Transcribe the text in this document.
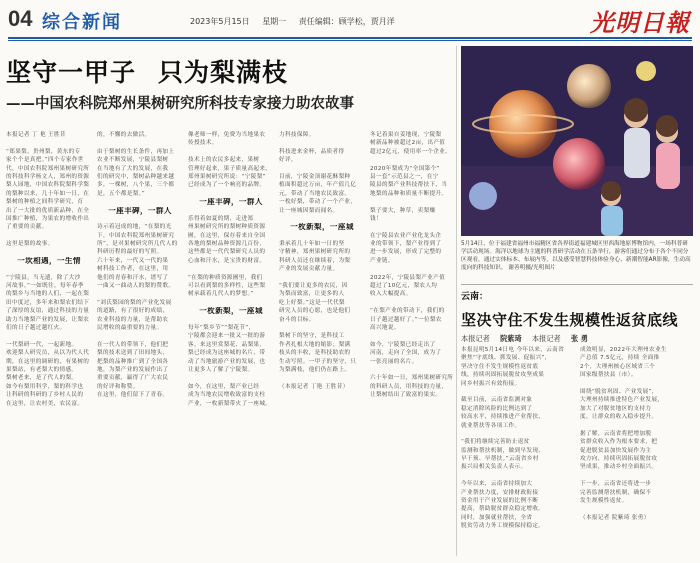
04 综合新闻	2023年5月15日 星期一 责任编辑：顾学松，贾月洋	光明日報
坚守一甲子 只为梨满枝
——中国农科院郑州果树研究所科技专家接力助农故事
本报记者 丁 艳 王胜昔

“郑果梨，贵州梨，黄东的专
家个个是真把。”四个专家作世
代，中国农科院郑州果树研究所
的科技科学杨文人，郑州的资源
梨人园地，中国农科院梨科学梨
的梨种以来，几十年如一日，在
梨树的种植之间科学研究，育
出了一大批的优质新品种，在全
国推广种植，为果农的增收作出
了重要的贡献。

这里是梨的故事。

一坎相遇，一生情

“宁陵县，当无遗，除了大沙
河故事。”一如既往，每年春季
的梨乡与当地的人们，一起在梨
田中度过，多年来和梨农们结下
了深厚的友谊，通过科技的力量
助力当地梨产业的发展，让梨农
们的日子越过越红火。

一代梨研一代，一起新地。
欢迎梨人研究员，从以为代人代
期，在这里的调研的，有果树的
果梨站，有老梨大的情感。
梨树老来，是了代人的梨。
如今有梨用科学，梨的科学也
让科研的科研的了乡村人民的
在这里，让农村美，农民富。
的，不懈的去做活。

由于梨树的生长条件，再加上
农业不断发展，宁陵县梨树
在当地有了大的发展，在我
们的研究中，梨树品种越来越
多，一棵树，八个果，三个都
是，五个都是梨。”

一座丰碑，一群人

诗示着冠成的地，“在梨的光
下，中国农科院郑州果树研究
所”，是对果树研究所几代人的
科研历程的最好的写照。
六十年来，一代又一代的果
树科技工作者，在这里，用
他们的青春和汗水，谱写了
一曲又一曲动人的梨的赞歌。

“刘氏梨园的梨的产业化发展
的道路，有了很好的成绩，
农业科技的力量，是帮助农
民增收的最重要的力量。

在一代人的带领下，他们把
梨的技术送到了田间地头，
把梨的品种推广到了全国各
地，为梨产业的发展作出了
重要贡献，赢得了广大农民
的好评和称赞。
在这里，他们留下了青春。
像老师一样，免费为当地果农
传授技术。

技术上的农民多起来，果树
管理好起来，果子质量高起来，
郑州果树研究所说：“宁陵梨”
已经成为了一个响亮的品牌。

一座丰碑，一群人

乐得着如夏的期，走进郑
州果树研究所的梨树种质资源
圃，在这里，保存着来自全国
各地的梨树品种资源几百份，
这些都是一代代梨研究人员的
心血和汗水，是宝贵的财富。

“在梨的种质资源圃里，我们
可以看到梨的多样性，这些梨
树承载着几代人的梦想。”

一枚新梨，一座城

每年“梨乡节”“梨花节”，
宁陵都会迎来一批又一批的游
客，来这里赏梨花、品梨果，
梨已经成为这座城的名片，带
动了当地旅游产业的发展，也
让更多人了解了宁陵梨。

如今，在这里，梨产业已经
成为当地农民增收致富的支柱
产业，一枚新梨带火了一座城。
力科技保障。

科技进来金杯，品质者得
好评。

目前，宁陵金顶谢花酥梨种
植面积超过万亩，年产值几亿
元，带动了当地农民致富。
一枚好梨，带动了一个产业，
让一座城因梨而闻名。

一枚新梨，一座城

秉承着几十年如一日的坚
守精神，郑州果树研究所的
科研人员还在继续着，为梨
产业的发展贡献力量。

“我们要让更多的农民，因
为梨而致富，让更多的人
吃上好梨。”这是一代代梨
研究人员的心愿，也是他们
奋斗的目标。

梨树下的坚守，是科技工
作者扎根大地的缩影；梨满
枝头的丰收，是科技助农的
生动写照。一甲子的坚守，只
为梨满枝，他们仍在路上。

（本报记者 丁艳 王胜昔）
冬记着果自姜地现，宁陵梨
树新品种被超过2亩，出产值
超过2亿元，使用率一个企业。

2020年梨成为“全国第个”
县一套“示范县之一，在宁
陵县的梨产业科技帮扶下，当
地梨的品种和质量不断提升。

梨子要大，种草，卖梨赚
钱！

在宁陵县农业产业化龙头企
业的带领下，梨产业得到了
进一步发展，形成了完整的
产业链。

2022年，宁陵县梨产业产值
超过了10亿元，梨农人均
收入大幅提高。

“在梨产业的带动下，我们的
日子越过越好了。”一位梨农
高兴地说。

如今，宁陵梨已经走出了
河南，走向了全国，成为了
一张亮丽的名片。

六十年如一日，郑州果树研究所
的科研人员，用科技的力量，
让梨树结出了致富的果实。
5月14日，位于福建省福州市福精区省各界街道福建城区里西海地原博物馆内，一场科普研学活动现场。海洋以地球为主题的科普研学活动在五条举行，游客们通过分布于各个不同分区观看，通过实体标本、布展内等，以及感受智慧科技体验身心、新潮智能AR影像，生动高度向的科技知识。 谢善明摄/光明图片
云南：
坚决守住不发生规模性返贫底线
本报记者 院紫琦 本报记者 张 勇
本报昆明5月14日电 今年以来，云南省
聚焦“守底线、抓发展、促振兴”，
坚决守住不发生规模性返贫底
线，持续巩固拓展脱贫攻坚成果
同乡村振兴有效衔接。

截至目前，云南省监测对象
稳定消除风险的比例达到了
较高水平，持续推进产业帮扶、
就业帮扶等各项工作。

“我们将继续完善防止返贫
监测和帮扶机制，做到早发现、
早干预、早帮扶。”云南省乡村
振兴局相关负责人表示。

今年以来，云南省持续加大
产业帮扶力度，安排财政衔接
资金用于产业发展的比例不断
提高，帮助脱贫群众稳定增收。
同时，加强就业帮扶，全省
脱贫劳动力务工规模保持稳定。
成效明显，2022年大理州农业生
产总值 7.5亿元，持续 全面推
2个，大理州核心区域省三个
国家级帮扶县（市）。

围绕“脱贫巩固、产业发展”，
大理州持续推进特色产业发展，
加大了对脱贫地区的支持力
度，让群众的收入稳步提升。

据了解，云南省将把增加脱
贫群众收入作为根本要求，把
促进脱贫县加快发展作为主
攻方向，持续巩固拓展脱贫攻
坚成果，推动乡村全面振兴。

下一步，云南省还将进一步
完善监测帮扶机制，确保不
发生规模性返贫。

（本报记者 院紫琦 张勇）
